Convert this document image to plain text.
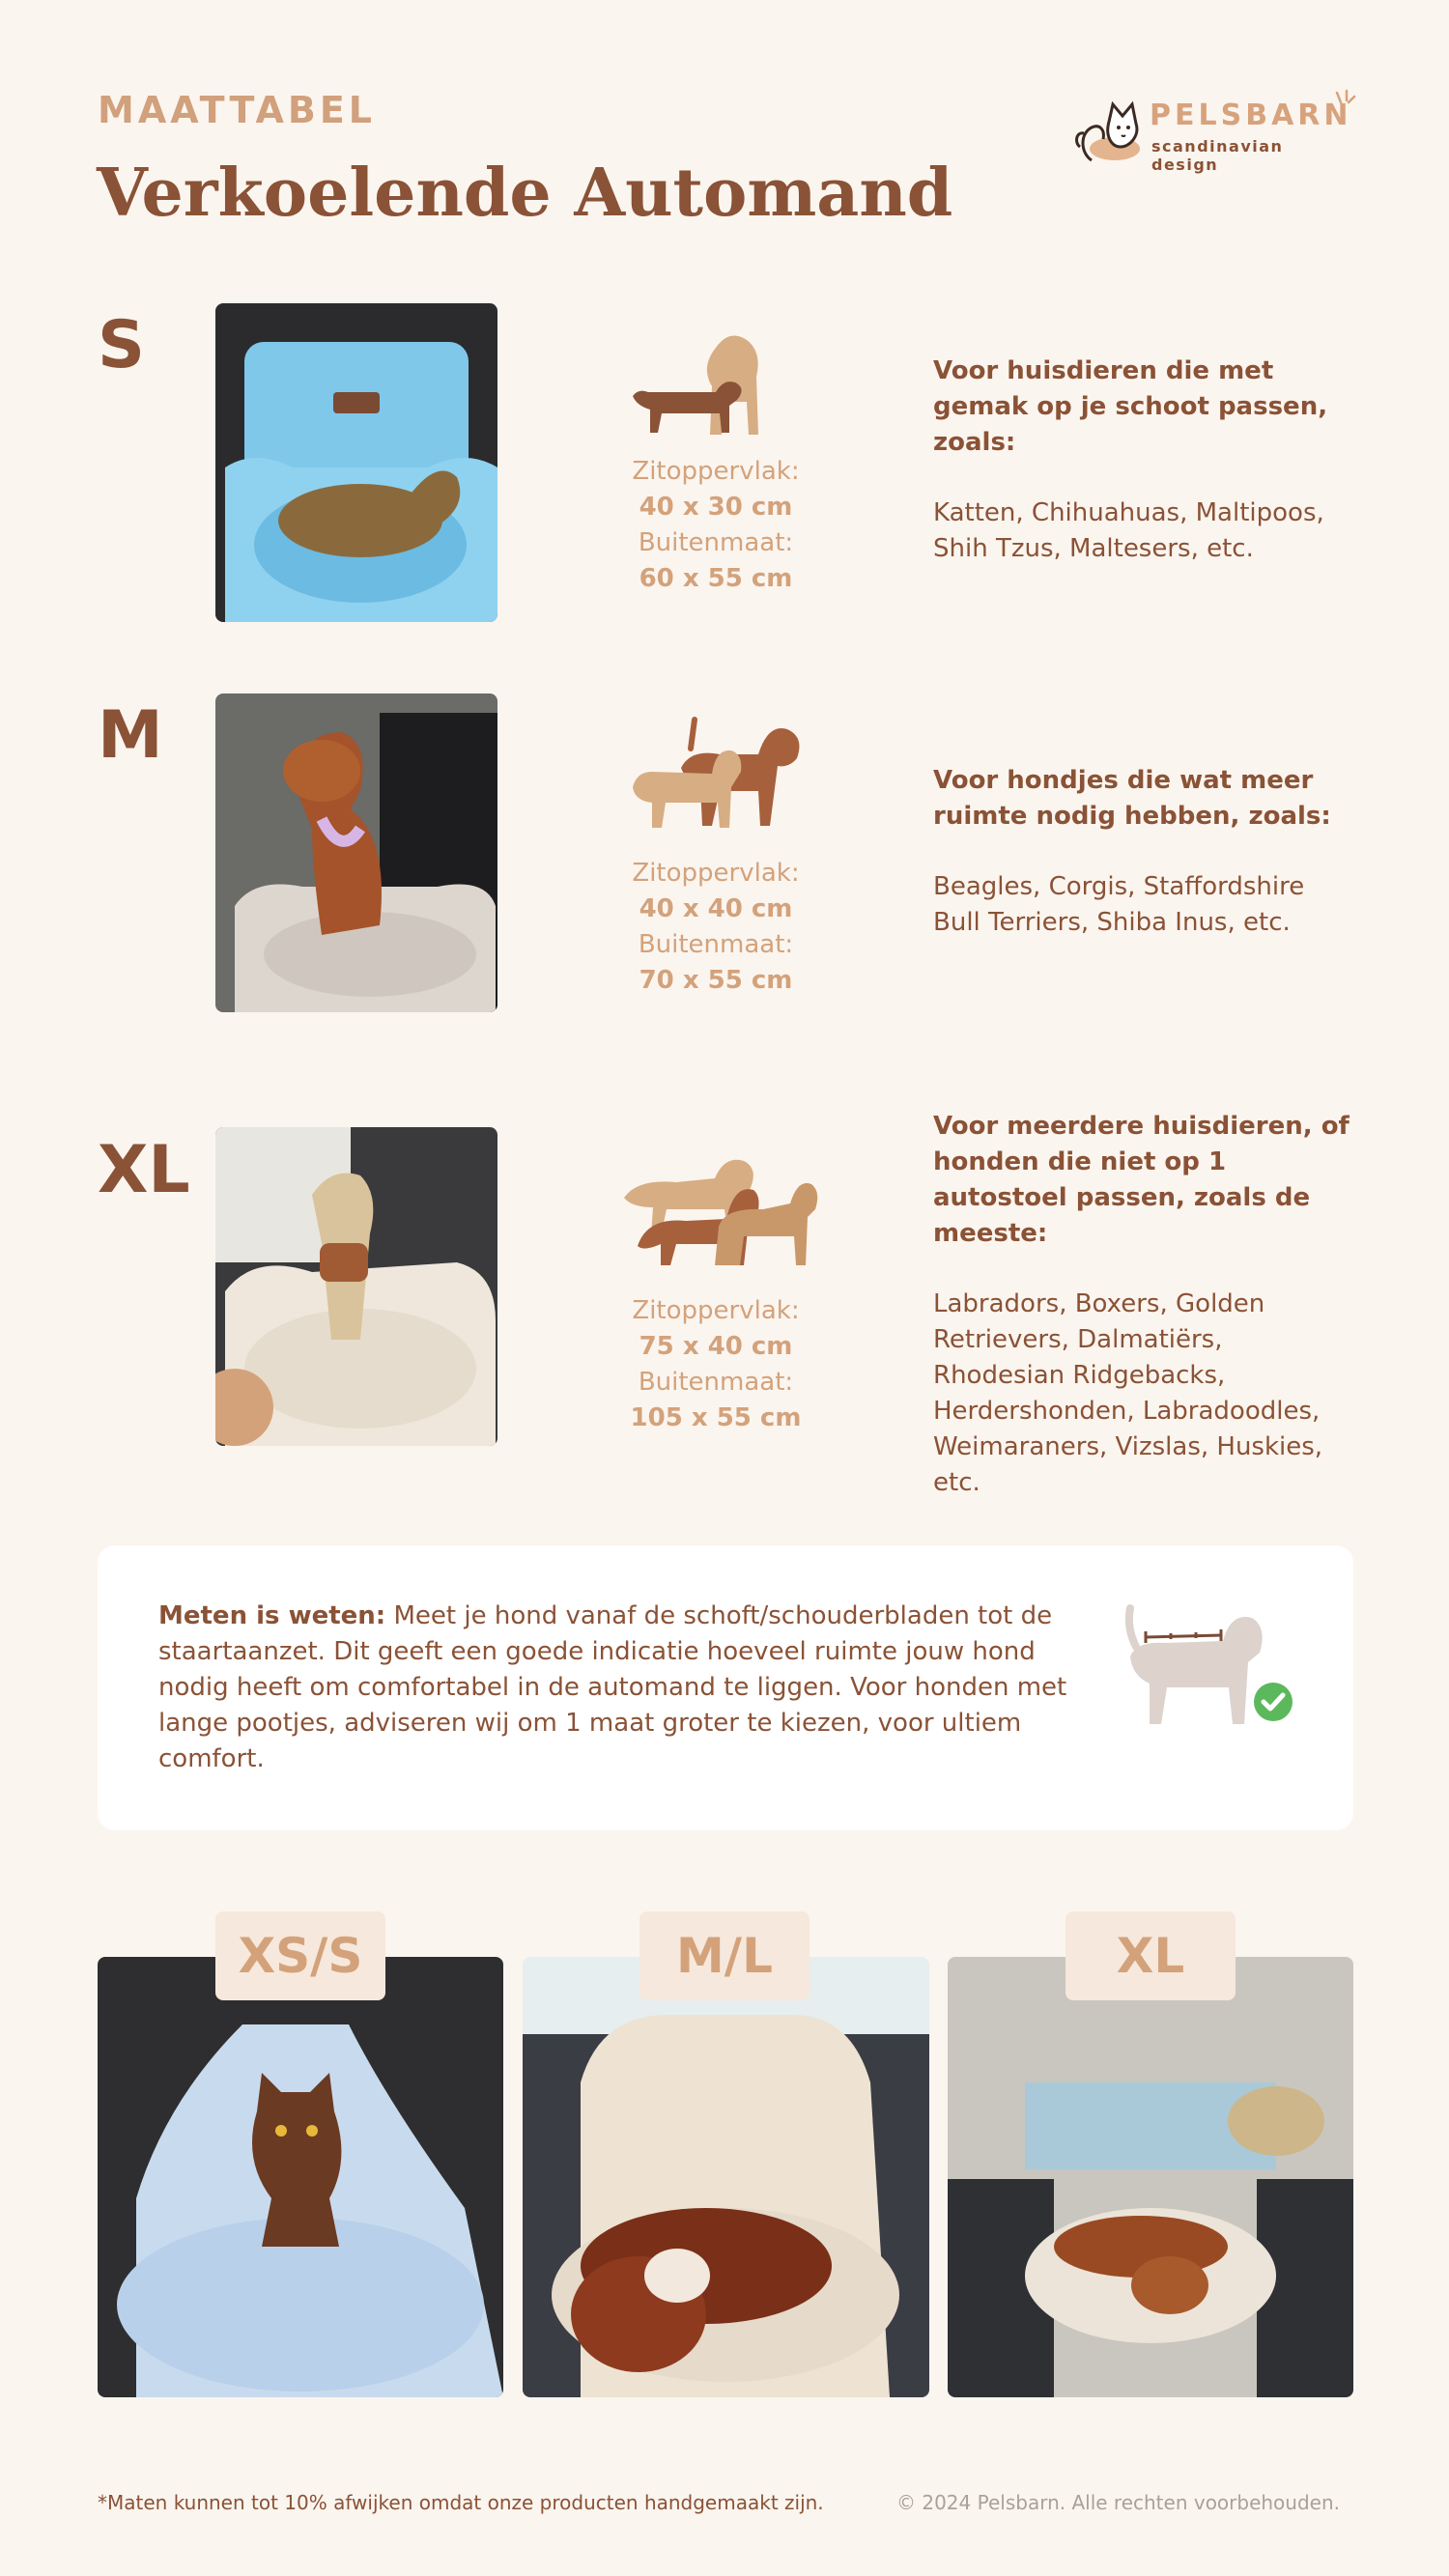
MAATTABEL
Verkoelende Automand
PELSBARN
scandinavian design
S
Zitoppervlak:
40 x 30 cm
Buitenmaat:
60 x 55 cm
Voor huisdieren die met gemak op je schoot passen, zoals:
Katten, Chihuahuas, Maltipoos, Shih Tzus, Maltesers, etc.
M
Zitoppervlak:
40 x 40 cm
Buitenmaat:
70 x 55 cm
Voor hondjes die wat meer ruimte nodig hebben, zoals:
Beagles, Corgis, Staffordshire Bull Terriers, Shiba Inus, etc.
XL
Zitoppervlak:
75 x 40 cm
Buitenmaat:
105 x 55 cm
Voor meerdere huisdieren, of honden die niet op 1 autostoel passen, zoals de meeste:
Labradors, Boxers, Golden Retrievers, Dalmatiërs, Rhodesian Ridgebacks, Herdershonden, Labradoodles, Weimaraners, Vizslas, Huskies, etc.
Meten is weten: Meet je hond vanaf de schoft/schouderbladen tot de staartaanzet. Dit geeft een goede indicatie hoeveel ruimte jouw hond nodig heeft om comfortabel in de automand te liggen. Voor honden met lange pootjes, adviseren wij om 1 maat groter te kiezen, voor ultiem comfort.
XS/S	M/L	XL
*Maten kunnen tot 10% afwijken omdat onze producten handgemaakt zijn.	© 2024 Pelsbarn. Alle rechten voorbehouden.
